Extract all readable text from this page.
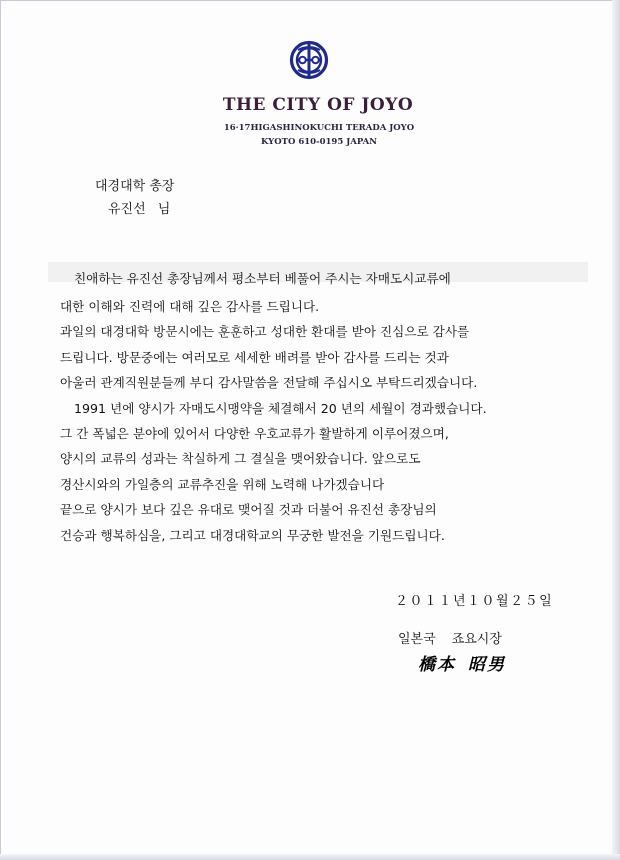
THE CITY OF JOYO
16·17HIGASHINOKUCHI TERADA JOYO
KYOTO 610-0195 JAPAN
대경대학 총장
유진선 님
친애하는 유진선 총장님께서 평소부터 베풀어 주시는 자매도시교류에
대한 이해와 진력에 대해 깊은 감사를 드립니다.
과일의 대경대학 방문시에는 훈훈하고 성대한 환대를 받아 진심으로 감사를
드립니다. 방문중에는 여러모로 세세한 배려를 받아 감사를 드리는 것과
아울러 관계직원분들께 부디 감사말씀을 전달해 주십시오 부탁드리겠습니다.
1991 년에 양시가 자매도시맹약을 체결해서 20 년의 세월이 경과했습니다.
그 간 폭넓은 분야에 있어서 다양한 우호교류가 활발하게 이루어졌으며,
양시의 교류의 성과는 착실하게 그 결실을 맺어왔습니다. 앞으로도
경산시와의 가일층의 교류추진을 위해 노력해 나가겠습니다
끝으로 양시가 보다 깊은 유대로 맺어질 것과 더불어 유진선 총장님의
건승과 행복하심을, 그리고 대경대학교의 무궁한 발전을 기원드립니다.
２０１１년１０월２５일
일본국 죠요시장
橋本 昭男
